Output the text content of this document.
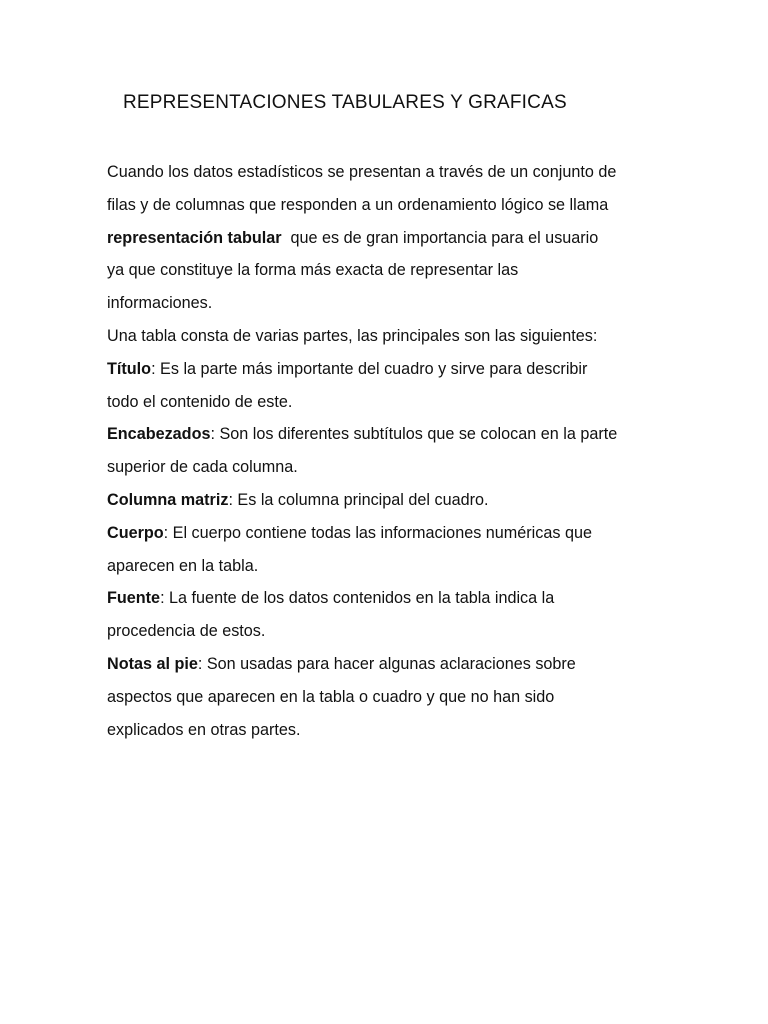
REPRESENTACIONES TABULARES Y GRAFICAS
Cuando los datos estadísticos se presentan a través de un conjunto de
filas y de columnas que responden a un ordenamiento lógico se llama
representación tabular  que es de gran importancia para el usuario
ya que constituye la forma más exacta de representar las
informaciones.
Una tabla consta de varias partes, las principales son las siguientes:
Título: Es la parte más importante del cuadro y sirve para describir
todo el contenido de este.
Encabezados: Son los diferentes subtítulos que se colocan en la parte
superior de cada columna.
Columna matriz: Es la columna principal del cuadro.
Cuerpo: El cuerpo contiene todas las informaciones numéricas que
aparecen en la tabla.
Fuente: La fuente de los datos contenidos en la tabla indica la
procedencia de estos.
Notas al pie: Son usadas para hacer algunas aclaraciones sobre
aspectos que aparecen en la tabla o cuadro y que no han sido
explicados en otras partes.
